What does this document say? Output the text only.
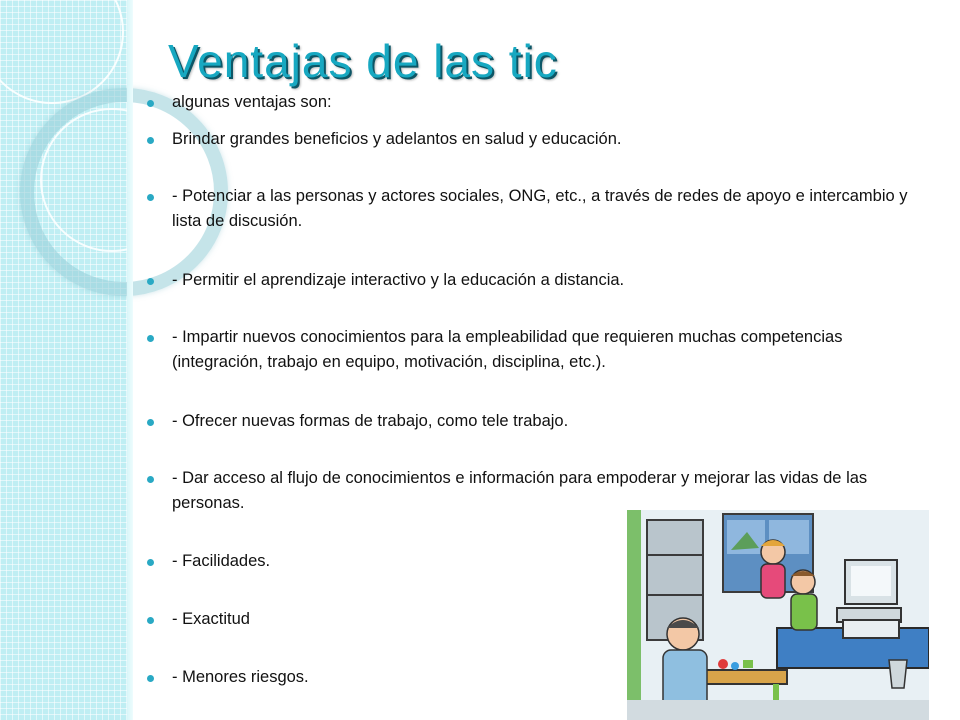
Ventajas de las tic
algunas ventajas son:
Brindar grandes beneficios y adelantos en salud y educación.
- Potenciar a las personas y actores sociales, ONG, etc., a través de redes de apoyo e intercambio y lista de discusión.
- Permitir el aprendizaje interactivo y la educación a distancia.
- Impartir nuevos conocimientos para la empleabilidad que requieren muchas competencias (integración, trabajo en equipo, motivación, disciplina, etc.).
- Ofrecer nuevas formas de trabajo, como tele trabajo.
- Dar acceso al flujo de conocimientos e información para empoderar y mejorar las vidas de las personas.
- Facilidades.
- Exactitud
- Menores riesgos.
